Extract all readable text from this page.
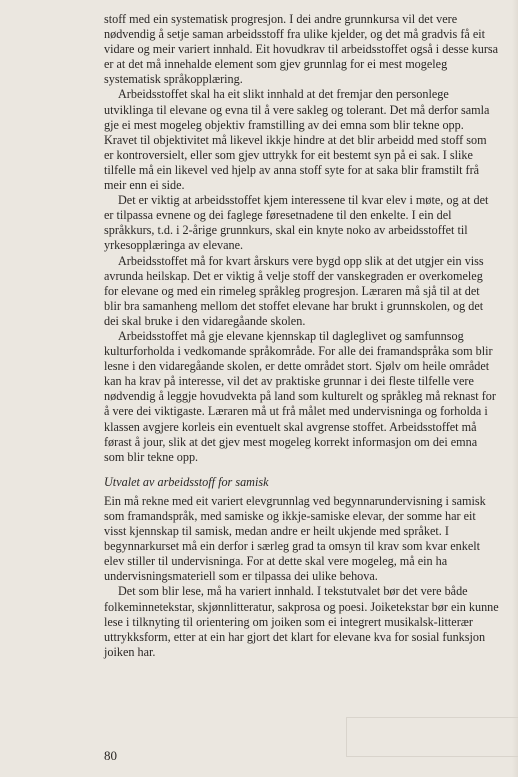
stoff med ein systematisk progresjon. I dei andre grunnkursa vil det vere nødvendig å setje saman arbeidsstoff fra ulike kjelder, og det må gradvis få eit vidare og meir variert innhald. Eit hovudkrav til arbeidsstoffet også i desse kursa er at det må innehalde element som gjev grunnlag for ei mest mogeleg systematisk språkopplæring.

Arbeidsstoffet skal ha eit slikt innhald at det fremjar den personlege utviklinga til elevane og evna til å vere sakleg og tolerant. Det må derfor samla gje ei mest mogeleg objektiv framstilling av dei emna som blir tekne opp. Kravet til objektivitet må likevel ikkje hindre at det blir arbeidd med stoff som er kontroversielt, eller som gjev uttrykk for eit bestemt syn på ei sak. I slike tilfelle må ein likevel ved hjelp av anna stoff syte for at saka blir framstilt frå meir enn ei side.

Det er viktig at arbeidsstoffet kjem interessene til kvar elev i møte, og at det er tilpassa evnene og dei faglege føresetnadene til den enkelte. I ein del språkkurs, t.d. i 2-årige grunnkurs, skal ein knyte noko av arbeidsstoffet til yrkesopplæringa av elevane.

Arbeidsstoffet må for kvart årskurs vere bygd opp slik at det utgjer ein viss avrunda heilskap. Det er viktig å velje stoff der vanskegraden er overkomeleg for elevane og med ein rimeleg språkleg progresjon. Læraren må sjå til at det blir bra samanheng mellom det stoffet elevane har brukt i grunnskolen, og det dei skal bruke i den vidaregåande skolen.

Arbeidsstoffet må gje elevane kjennskap til dagleglivet og samfunnsog kulturforholda i vedkomande språkområde. For alle dei framandspråka som blir lesne i den vidaregåande skolen, er dette området stort. Sjølv om heile området kan ha krav på interesse, vil det av praktiske grunnar i dei fleste tilfelle vere nødvendig å leggje hovudvekta på land som kulturelt og språkleg må reknast for å vere dei viktigaste. Læraren må ut frå målet med undervisninga og forholda i klassen avgjere korleis ein eventuelt skal avgrense stoffet. Arbeidsstoffet må førast å jour, slik at det gjev mest mogeleg korrekt informasjon om dei emna som blir tekne opp.

Utvalet av arbeidsstoff for samisk

Ein må rekne med eit variert elevgrunnlag ved begynnarundervisning i samisk som framandspråk, med samiske og ikkje-samiske elevar, der somme har eit visst kjennskap til samisk, medan andre er heilt ukjende med språket. I begynnarkurset må ein derfor i særleg grad ta omsyn til krav som kvar enkelt elev stiller til undervisninga. For at dette skal vere mogeleg, må ein ha undervisningsmateriell som er tilpassa dei ulike behova.

Det som blir lese, må ha variert innhald. I tekstutvalet bør det vere både folkeminnetekstar, skjønnlitteratur, sakprosa og poesi. Joiketekstar bør ein kunne lese i tilknyting til orientering om joiken som ei integrert musikalsk-litterær uttrykksform, etter at ein har gjort det klart for elevane kva for sosial funksjon joiken har.

80
